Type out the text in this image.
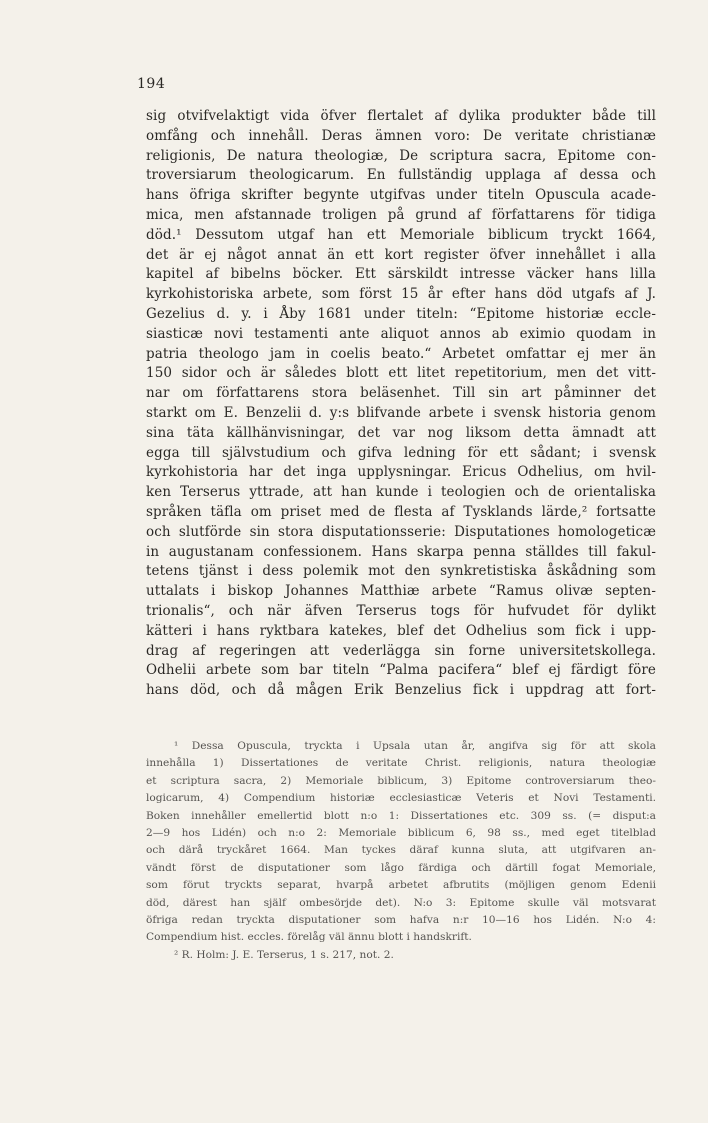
194
sig otvifvelaktigt vida öfver flertalet af dylika produkter både till
omfång och innehåll. Deras ämnen voro: De veritate christianæ
religionis, De natura theologiæ, De scriptura sacra, Epitome con-
troversiarum theologicarum. En fullständig upplaga af dessa och
hans öfriga skrifter begynte utgifvas under titeln Opuscula acade-
mica, men afstannade troligen på grund af författarens för tidiga
död.¹ Dessutom utgaf han ett Memoriale biblicum tryckt 1664,
det är ej något annat än ett kort register öfver innehållet i alla
kapitel af bibelns böcker. Ett särskildt intresse väcker hans lilla
kyrkohistoriska arbete, som först 15 år efter hans död utgafs af J.
Gezelius d. y. i Åby 1681 under titeln: “Epitome historiæ eccle-
siasticæ novi testamenti ante aliquot annos ab eximio quodam in
patria theologo jam in coelis beato.“ Arbetet omfattar ej mer än
150 sidor och är således blott ett litet repetitorium, men det vitt-
nar om författarens stora beläsenhet. Till sin art påminner det
starkt om E. Benzelii d. y:s blifvande arbete i svensk historia genom
sina täta källhänvisningar, det var nog liksom detta ämnadt att
egga till självstudium och gifva ledning för ett sådant; i svensk
kyrkohistoria har det inga upplysningar. Ericus Odhelius, om hvil-
ken Terserus yttrade, att han kunde i teologien och de orientaliska
språken täfla om priset med de flesta af Tysklands lärde,² fortsatte
och slutförde sin stora disputationsserie: Disputationes homologeticæ
in augustanam confessionem. Hans skarpa penna ställdes till fakul-
tetens tjänst i dess polemik mot den synkretistiska åskådning som
uttalats i biskop Johannes Matthiæ arbete “Ramus olivæ septen-
trionalis“, och när äfven Terserus togs för hufvudet för dylikt
kätteri i hans ryktbara katekes, blef det Odhelius som fick i upp-
drag af regeringen att vederlägga sin forne universitetskollega.
Odhelii arbete som bar titeln “Palma pacifera“ blef ej färdigt före
hans död, och då mågen Erik Benzelius fick i uppdrag att fort-
¹ Dessa Opuscula, tryckta i Upsala utan år, angifva sig för att skola
innehålla 1) Dissertationes de veritate Christ. religionis, natura theologiæ
et scriptura sacra, 2) Memoriale biblicum, 3) Epitome controversiarum theo-
logicarum, 4) Compendium historiæ ecclesiasticæ Veteris et Novi Testamenti.
Boken innehåller emellertid blott n:o 1: Dissertationes etc. 309 ss. (= disput:a
2—9 hos Lidén) och n:o 2: Memoriale biblicum 6, 98 ss., med eget titelblad
och därå tryckåret 1664. Man tyckes däraf kunna sluta, att utgifvaren an-
vändt först de disputationer som lågo färdiga och därtill fogat Memoriale,
som förut tryckts separat, hvarpå arbetet afbrutits (möjligen genom Edenii
död, därest han själf ombesörjde det). N:o 3: Epitome skulle väl motsvarat
öfriga redan tryckta disputationer som hafva n:r 10—16 hos Lidén. N:o 4:
Compendium hist. eccles. förelåg väl ännu blott i handskrift.
² R. Holm: J. E. Terserus, 1 s. 217, not. 2.
